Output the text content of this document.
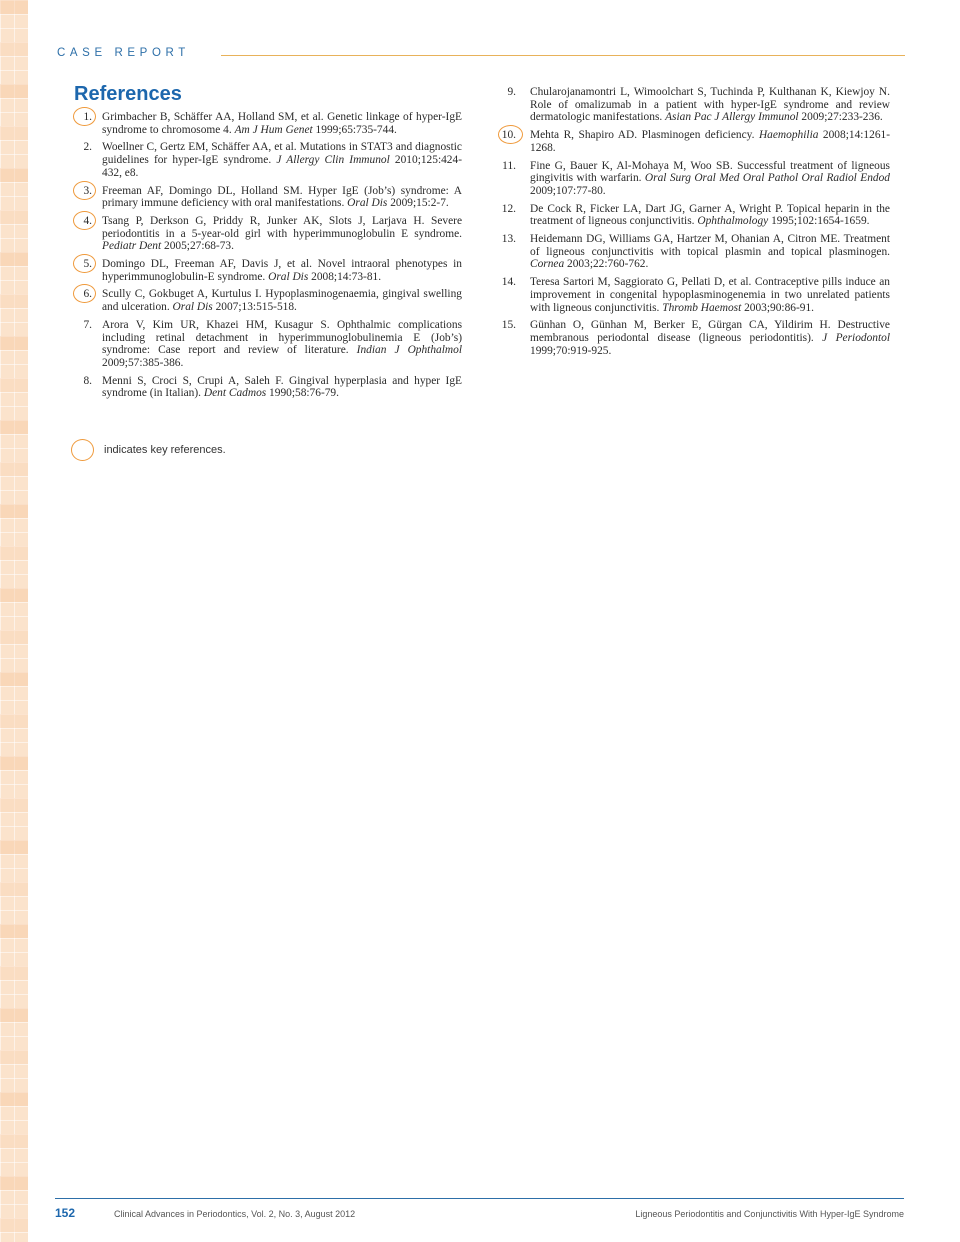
CASE REPORT
References
1. Grimbacher B, Schäffer AA, Holland SM, et al. Genetic linkage of hyper-IgE syndrome to chromosome 4. Am J Hum Genet 1999;65:735-744.
2. Woellner C, Gertz EM, Schäffer AA, et al. Mutations in STAT3 and diagnostic guidelines for hyper-IgE syndrome. J Allergy Clin Immunol 2010;125:424-432, e8.
3. Freeman AF, Domingo DL, Holland SM. Hyper IgE (Job’s) syndrome: A primary immune deficiency with oral manifestations. Oral Dis 2009;15:2-7.
4. Tsang P, Derkson G, Priddy R, Junker AK, Slots J, Larjava H. Severe periodontitis in a 5-year-old girl with hyperimmunoglobulin E syndrome. Pediatr Dent 2005;27:68-73.
5. Domingo DL, Freeman AF, Davis J, et al. Novel intraoral phenotypes in hyperimmunoglobulin-E syndrome. Oral Dis 2008;14:73-81.
6. Scully C, Gokbuget A, Kurtulus I. Hypoplasminogenaemia, gingival swelling and ulceration. Oral Dis 2007;13:515-518.
7. Arora V, Kim UR, Khazei HM, Kusagur S. Ophthalmic complications including retinal detachment in hyperimmunoglobulinemia E (Job’s) syndrome: Case report and review of literature. Indian J Ophthalmol 2009;57:385-386.
8. Menni S, Croci S, Crupi A, Saleh F. Gingival hyperplasia and hyper IgE syndrome (in Italian). Dent Cadmos 1990;58:76-79.
9.	Chularojanamontri L, Wimoolchart S, Tuchinda P, Kulthanan K, Kiewjoy N. Role of omalizumab in a patient with hyper-IgE syndrome and review dermatologic manifestations. Asian Pac J Allergy Immunol 2009;27:233-236.
10.	Mehta R, Shapiro AD. Plasminogen deficiency. Haemophilia 2008;14:1261-1268.
11.	Fine G, Bauer K, Al-Mohaya M, Woo SB. Successful treatment of ligneous gingivitis with warfarin. Oral Surg Oral Med Oral Pathol Oral Radiol Endod 2009;107:77-80.
12.	De Cock R, Ficker LA, Dart JG, Garner A, Wright P. Topical heparin in the treatment of ligneous conjunctivitis. Ophthalmology 1995;102:1654-1659.
13.	Heidemann DG, Williams GA, Hartzer M, Ohanian A, Citron ME. Treatment of ligneous conjunctivitis with topical plasmin and topical plasminogen. Cornea 2003;22:760-762.
14.	Teresa Sartori M, Saggiorato G, Pellati D, et al. Contraceptive pills induce an improvement in congenital hypoplasminogenemia in two unrelated patients with ligneous conjunctivitis. Thromb Haemost 2003;90:86-91.
15.	Günhan O, Günhan M, Berker E, Gürgan CA, Yildirim H. Destructive membranous periodontal disease (ligneous periodontitis). J Periodontol 1999;70:919-925.
indicates key references.
152	Clinical Advances in Periodontics, Vol. 2, No. 3, August 2012	Ligneous Periodontitis and Conjunctivitis With Hyper-IgE Syndrome
